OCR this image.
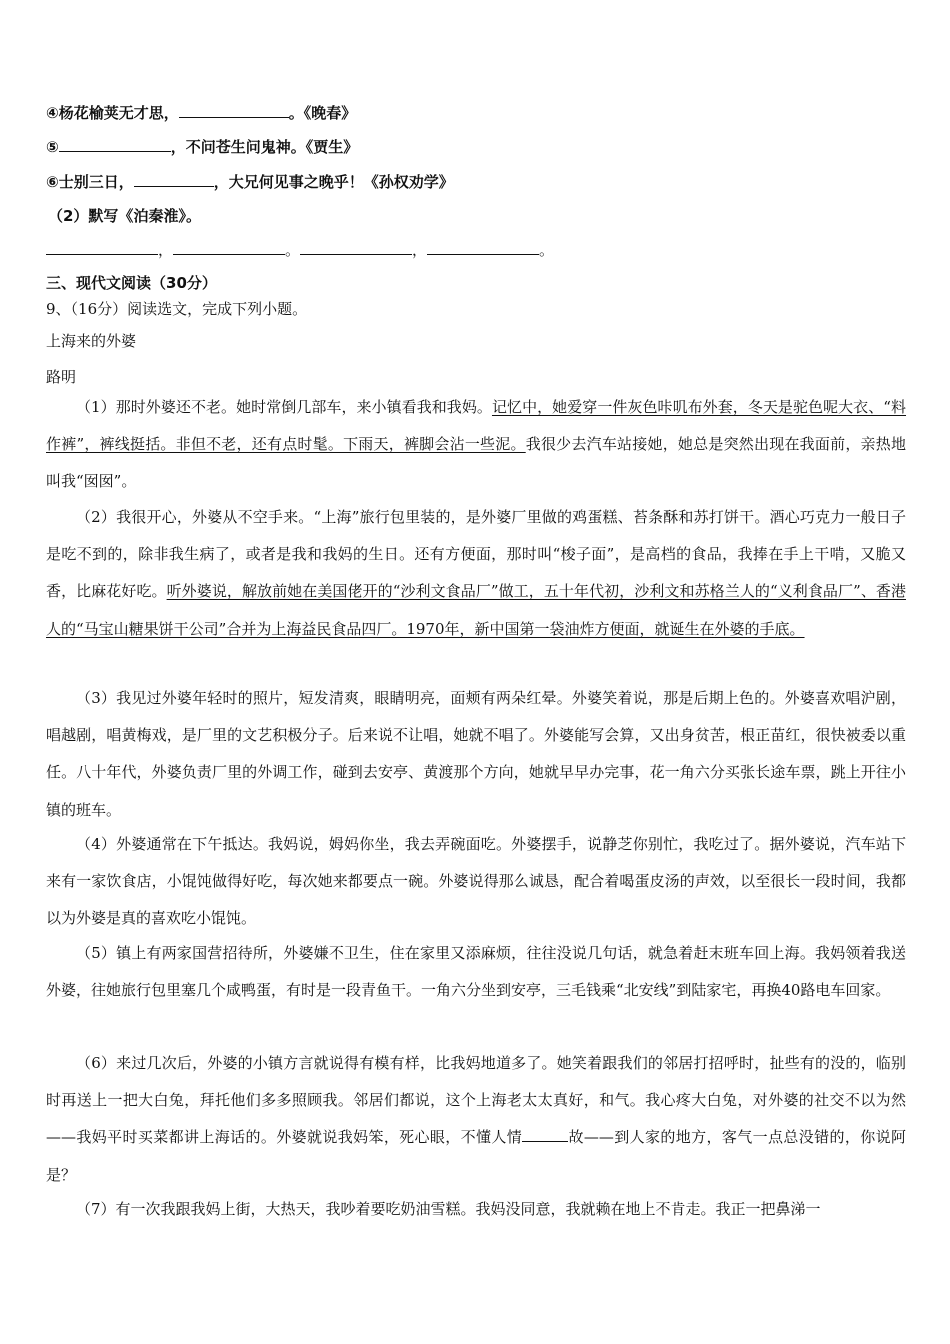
④杨花榆荚无才思，	。《晚春》
⑤	，不问苍生问鬼神。《贾生》
⑥士别三日，	，大兄何见事之晚乎！《孙权劝学》
（2）默写《泊秦淮》。
，	。	，	。
三、现代文阅读（30分）
9、（16分）阅读选文，完成下列小题。
上海来的外婆
路明
（1）那时外婆还不老。她时常倒几部车，来小镇看我和我妈。记忆中，她爱穿一件灰色咔叽布外套，冬天是驼色呢大衣、“料作裤”，裤线挺括。非但不老，还有点时髦。下雨天，裤脚会沾一些泥。我很少去汽车站接她，她总是突然出现在我面前，亲热地叫我“囡囡”。
（2）我很开心，外婆从不空手来。“上海”旅行包里装的，是外婆厂里做的鸡蛋糕、苔条酥和苏打饼干。酒心巧克力一般日子是吃不到的，除非我生病了，或者是我和我妈的生日。还有方便面，那时叫“梭子面”，是高档的食品，我捧在手上干啃，又脆又香，比麻花好吃。听外婆说，解放前她在美国佬开的“沙利文食品厂”做工，五十年代初，沙利文和苏格兰人的“义利食品厂”、香港人的“马宝山糖果饼干公司”合并为上海益民食品四厂。1970年，新中国第一袋油炸方便面，就诞生在外婆的手底。
（3）我见过外婆年轻时的照片，短发清爽，眼睛明亮，面颊有两朵红晕。外婆笑着说，那是后期上色的。外婆喜欢唱沪剧，唱越剧，唱黄梅戏，是厂里的文艺积极分子。后来说不让唱，她就不唱了。外婆能写会算，又出身贫苦，根正苗红，很快被委以重任。八十年代，外婆负责厂里的外调工作，碰到去安亭、黄渡那个方向，她就早早办完事，花一角六分买张长途车票，跳上开往小镇的班车。
（4）外婆通常在下午抵达。我妈说，姆妈你坐，我去弄碗面吃。外婆摆手，说静芝你别忙，我吃过了。据外婆说，汽车站下来有一家饮食店，小馄饨做得好吃，每次她来都要点一碗。外婆说得那么诚恳，配合着喝蛋皮汤的声效，以至很长一段时间，我都以为外婆是真的喜欢吃小馄饨。
（5）镇上有两家国营招待所，外婆嫌不卫生，住在家里又添麻烦，往往没说几句话，就急着赶末班车回上海。我妈领着我送外婆，往她旅行包里塞几个咸鸭蛋，有时是一段青鱼干。一角六分坐到安亭，三毛钱乘“北安线”到陆家宅，再换40路电车回家。
（6）来过几次后，外婆的小镇方言就说得有模有样，比我妈地道多了。她笑着跟我们的邻居打招呼时，扯些有的没的，临别时再送上一把大白兔，拜托他们多多照顾我。邻居们都说，这个上海老太太真好，和气。我心疼大白兔，对外婆的社交不以为然——我妈平时买菜都讲上海话的。外婆就说我妈笨，死心眼，不懂人情	故——到人家的地方，客气一点总没错的，你说阿是？
（7）有一次我跟我妈上街，大热天，我吵着要吃奶油雪糕。我妈没同意，我就赖在地上不肯走。我正一把鼻涕一
